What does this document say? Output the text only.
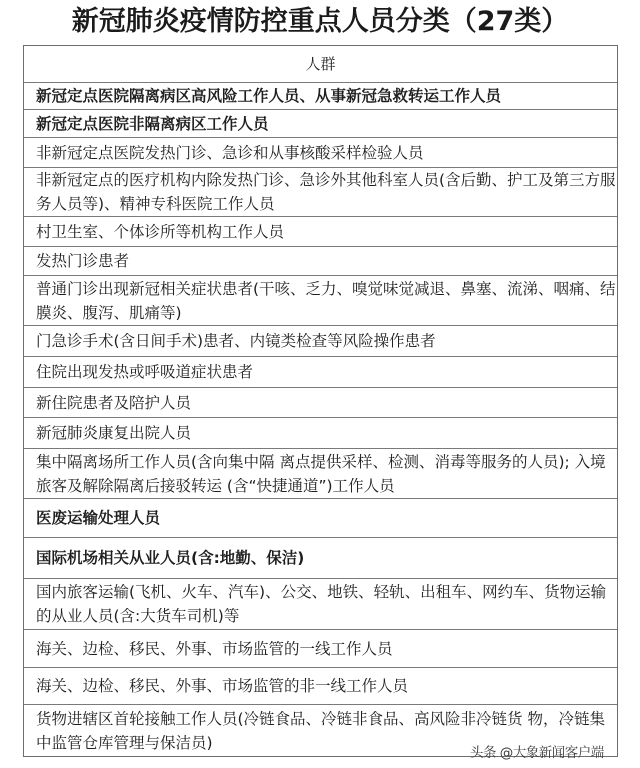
新冠肺炎疫情防控重点人员分类（27类）
人群
新冠定点医院隔离病区高风险工作人员、从事新冠急救转运工作人员
新冠定点医院非隔离病区工作人员
非新冠定点医院发热门诊、急诊和从事核酸采样检验人员
非新冠定点的医疗机构内除发热门诊、急诊外其他科室人员(含后勤、护工及第三方服务人员等)、精神专科医院工作人员
村卫生室、个体诊所等机构工作人员
发热门诊患者
普通门诊出现新冠相关症状患者(干咳、乏力、嗅觉味觉减退、鼻塞、流涕、咽痛、结膜炎、腹泻、肌痛等)
门急诊手术(含日间手术)患者、内镜类检查等风险操作患者
住院出现发热或呼吸道症状患者
新住院患者及陪护人员
新冠肺炎康复出院人员
集中隔离场所工作人员(含向集中隔 离点提供采样、检测、消毒等服务的人员); 入境旅客及解除隔离后接驳转运 (含“快捷通道”)工作人员
医废运输处理人员
国际机场相关从业人员(含:地勤、保洁)
国内旅客运输(飞机、火车、汽车)、公交、地铁、轻轨、出租车、网约车、货物运输的从业人员(含:大货车司机)等
海关、边检、移民、外事、市场监管的一线工作人员
海关、边检、移民、外事、市场监管的非一线工作人员
货物进辖区首轮接触工作人员(冷链食品、冷链非食品、高风险非冷链货 物，冷链集中监管仓库管理与保洁员)
头条 @大象新闻客户端
